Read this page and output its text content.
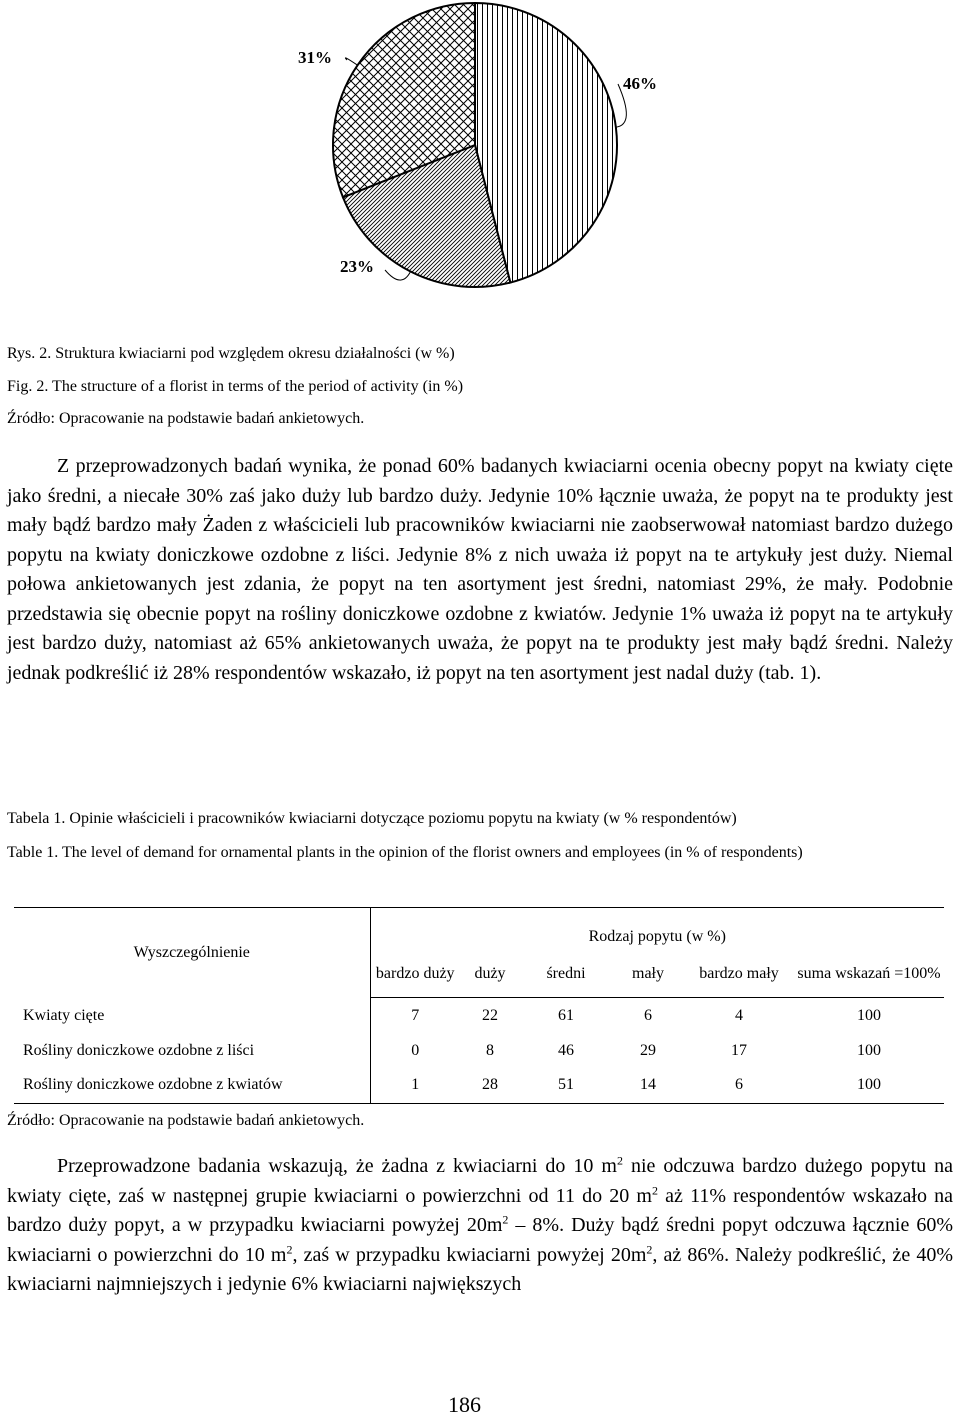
46%
23%
31%
Rys. 2. Struktura kwiaciarni pod względem okresu działalności (w %)
Fig. 2. The structure of a florist in terms of the period of activity (in %)
Źródło: Opracowanie na podstawie badań ankietowych.

Z przeprowadzonych badań wynika, że ponad 60% badanych kwiaciarni ocenia obecny popyt na kwiaty cięte jako średni, a niecałe 30% zaś jako duży lub bardzo duży. Jedynie 10% łącznie uważa, że popyt na te produkty jest mały bądź bardzo mały Żaden z właścicieli lub pracowników kwiaciarni nie zaobserwował natomiast bardzo dużego popytu na kwiaty doniczkowe ozdobne z liści. Jedynie 8% z nich uważa iż popyt na te artykuły jest duży. Niemal połowa ankietowanych jest zdania, że popyt na ten asortyment jest średni, natomiast 29%, że mały. Podobnie przedstawia się obecnie popyt na rośliny doniczkowe ozdobne z kwiatów. Jedynie 1% uważa iż popyt na te artykuły jest bardzo duży, natomiast aż 65% ankietowanych uważa, że popyt na te produkty jest mały bądź średni. Należy jednak podkreślić iż 28% respondentów wskazało, iż popyt na ten asortyment jest nadal duży (tab. 1).

Tabela 1. Opinie właścicieli i pracowników kwiaciarni dotyczące poziomu popytu na kwiaty (w % respondentów)

Table 1. The level of demand for ornamental plants in the opinion of the florist owners and employees (in % of respondents)

Wyszczególnienie	Rodzaj popytu (w %)					
	bardzo duży	duży	średni	mały	bardzo mały	suma wskazań =100%
Kwiaty cięte	7	22	61	6	4	100
Rośliny doniczkowe ozdobne z liści	0	8	46	29	17	100
Rośliny doniczkowe ozdobne z kwiatów	1	28	51	14	6	100
Źródło: Opracowanie na podstawie badań ankietowych.

Przeprowadzone badania wskazują, że żadna z kwiaciarni do 10 $m^2$ nie odczuwa bardzo dużego popytu na kwiaty cięte, zaś w następnej grupie kwiaciarni o powierzchni od 11 do 20 $m^2$ aż 11% respondentów wskazało na bardzo duży popyt, a w przypadku kwiaciarni powyżej $20m^2 - 8\%$. Duży bądź średni popyt odczuwa łącznie 60% kwiaciarni o powierzchni do 10 $m^2$, zaś w przypadku kwiaciarni powyżej $20m^2$, aż 86%. Należy podkreślić, że 40% kwiaciarni najmniejszych i jedynie 6% kwiaciarni największych

186
